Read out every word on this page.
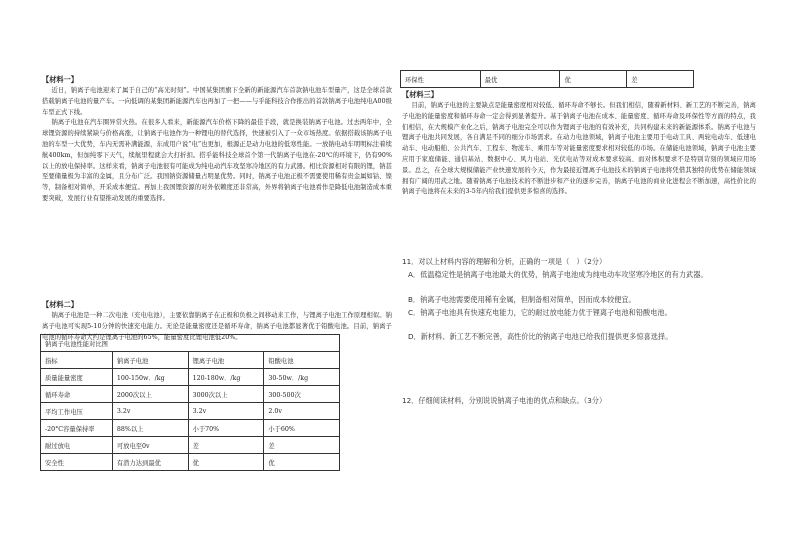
【材料一】

近日，钠离子电池迎来了属于自己的“高光时刻”。中国某集团旗下全新的新能源汽车首款钠电池车型量产，这是全球首款搭载钠离子电池的量产车。一向低调的某集团新能源汽车也再加了一把——与乎能科技合作推出的首款钠离子电池纯电A00级车型正式下线。

钠离子电池在汽车圈异常火热。在很多人看来，新能源汽车价格下降的最佳手段，就是换装钠离子电池。过去两年中，全球锂资源的持续紧缺与价格高涨，让钠离子电池作为一种锂电的替代选择，快速被引入了一众市场热度。依据搭载该钠离子电池的车型一大优势，车内无需补满能源，东成用户说“电”也更加，根源正是动力电池的低寒性能。一放钠电动车明明标注着续航400km，但加纯零下天气，续航里程就会大打折扣。搭乎能科技全球首个第一代钠离子电池在-20℃的环境下，仍有90%以上的放电保持率。这样来看，钠离子电池很有可能成为纯电动汽车攻坚寒冷地区的有力武器。相比资源相对有限的锂，钠甚至要储量极为丰富的金属，且分布广泛。我国钠资源储量占明显优势。同时，钠离子电池正极不需要使用稀有贵金属如钴、镍等，制备相对简单，开采成本便宜。再加上我国锂资源的对外依赖度还非常高，外界将钠离子电池看作是降低电池制造成本重要突破，发展行业有望推动发展的重要选择。

【材料二】

钠离子电池是一种二次电池（充电电池），主要依靠钠离子在正极和负极之间移动来工作，与锂离子电池工作原理相似。钠离子电池可实现5-10分钟的快速充电能力。无论是能量密度还是循环寿命，钠离子电池都显著优于铅酸电池。目前，钠离子电池的循环寿命大约是锂离子电池的65%，能量密度比锂电池低20%。

钠离子电池性能对比图			
指标	钠离子电池	锂离子电池	铅酸电池
质量能量密度	100-150w．/kg	120-180w．/kg	30-50w．/kg
循环寿命	2000次以上	3000次以上	300-500次
平均工作电压	3.2v	3.2v	2.0v
-20°C容量保持率	88%以上	小于70%	小于60%
耐过放电	可放电至0v	差	差
安全性	有潜力达到最优	优	优
环保性	最优	优	差
【材料三】

目前，钠离子电池的主要缺点是能量密度相对较低、循环寿命不够长。但我们相信，随着新材料、新工艺的不断完善，钠离子电池的能量密度和循环寿命一定会得到显著提升。基于钠离子电池在成本、能量密度、循环寿命及环保性等方面的特点，我们相信，在大规模产业化之后，钠离子电池完全可以作为锂离子电池的有效补充，共同构建未来的新能源体系。钠离子电池与锂离子电池共同发展，各自满足不同的细分市场需求。在动力电池领域，钠离子电池主要用于电动工具、两轮电动车、低速电动车、电动船舶、公共汽车、工程车、物流车、乘用车等对能量密度要求相对较低的市场。在储能电池领域，钠离子电池主要应用于家庭储能、通信基站、数据中心、风力电站、光伏电站等对成本要求较高、而对体积要求不是特别苛刻的领域应用场景。总之，在全球大规模储能产业快速发展的今天，作为最接近锂离子电池技术的钠离子电池将凭借其独特的优势在储能领域拥有广阔的用武之地。随着钠离子电池技术的不断进步和产业的逐步完善，钠离子电池的商业化进程会不断加速，高性价比的钠离子电池将在未来的3-5年内给我们提供更多惊喜的选择。

11．对以上材料内容的理解和分析，正确的一项是（　）（2分）
A．低温稳定性是钠离子电池最大的优势，钠离子电池成为纯电动车攻坚寒冷地区的有力武器。
B．钠离子电池需要使用稀有金属，但制备相对简单，因而成本较便宜。
C．钠离子电池具有快速充电能力，它的耐过放电能力优于锂离子电池和铅酸电池。
D．新材料、新工艺不断完善，高性价比的钠离子电池已给我们提供更多惊喜选择。
12．仔细阅读材料，分别说说钠离子电池的优点和缺点。（3分）
